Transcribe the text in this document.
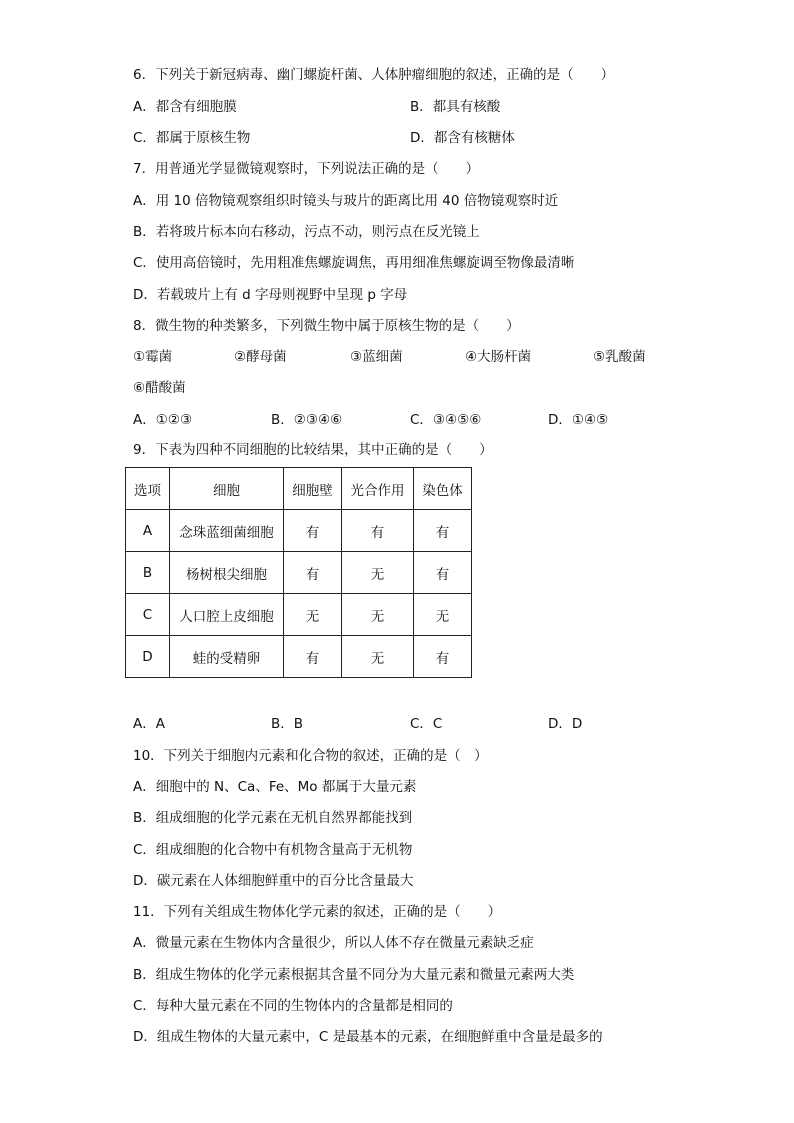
6．下列关于新冠病毒、幽门螺旋杆菌、人体肿瘤细胞的叙述，正确的是（　　）
A．都含有细胞膜	B．都具有核酸
C．都属于原核生物	D．都含有核糖体
7．用普通光学显微镜观察时，下列说法正确的是（　　）
A．用 10 倍物镜观察组织时镜头与玻片的距离比用 40 倍物镜观察时近
B．若将玻片标本向右移动，污点不动，则污点在反光镜上
C．使用高倍镜时，先用粗准焦螺旋调焦，再用细准焦螺旋调至物像最清晰
D．若载玻片上有 d 字母则视野中呈现 p 字母
8．微生物的种类繁多，下列微生物中属于原核生物的是（　　）
①霉菌	②酵母菌	③蓝细菌	④大肠杆菌	⑤乳酸菌
⑥醋酸菌
A．①②③	B．②③④⑥	C．③④⑤⑥	D．①④⑤
9．下表为四种不同细胞的比较结果，其中正确的是（　　）
选项	细胞	细胞壁	光合作用	染色体
A	念珠蓝细菌细胞	有	有	有
B	杨树根尖细胞	有	无	有
C	人口腔上皮细胞	无	无	无
D	蛙的受精卵	有	无	有
A．A	B．B	C．C	D．D
10．下列关于细胞内元素和化合物的叙述，正确的是（　）
A．细胞中的 N、Ca、Fe、Mo 都属于大量元素
B．组成细胞的化学元素在无机自然界都能找到
C．组成细胞的化合物中有机物含量高于无机物
D．碳元素在人体细胞鲜重中的百分比含量最大
11．下列有关组成生物体化学元素的叙述，正确的是（　　）
A．微量元素在生物体内含量很少，所以人体不存在微量元素缺乏症
B．组成生物体的化学元素根据其含量不同分为大量元素和微量元素两大类
C．每种大量元素在不同的生物体内的含量都是相同的
D．组成生物体的大量元素中，C 是最基本的元素，在细胞鲜重中含量是最多的
